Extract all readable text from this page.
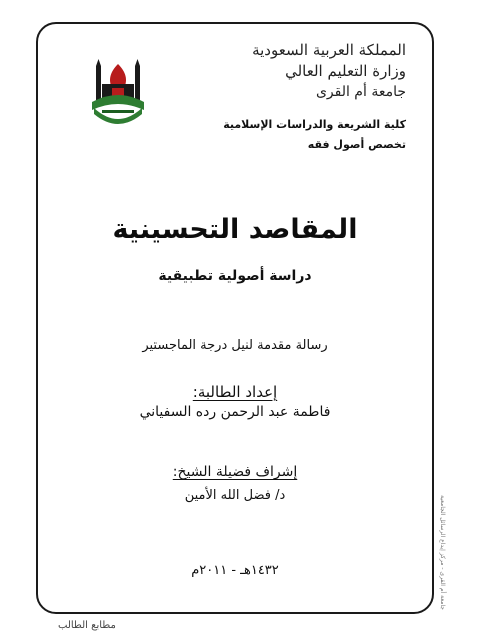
المملكة العربية السعودية
وزارة التعليم العالي
جامعة أم القرى
كلية الشريعة والدراسات الإسلامية
تخصص أصول فقه
المقاصد التحسينية
دراسة أصولية تطبيقية
رسالة مقدمة لنيل درجة الماجستير
إعداد الطالبة:
فاطمة عبد الرحمن رده السفياني
إشراف فضيلة الشيخ:
د/ فضل الله الأمين
١٤٣٢هـ - ٢٠١١م	جامعة أم القرى - مركز إيداع الرسائل الجامعية
مطابع الطالب
